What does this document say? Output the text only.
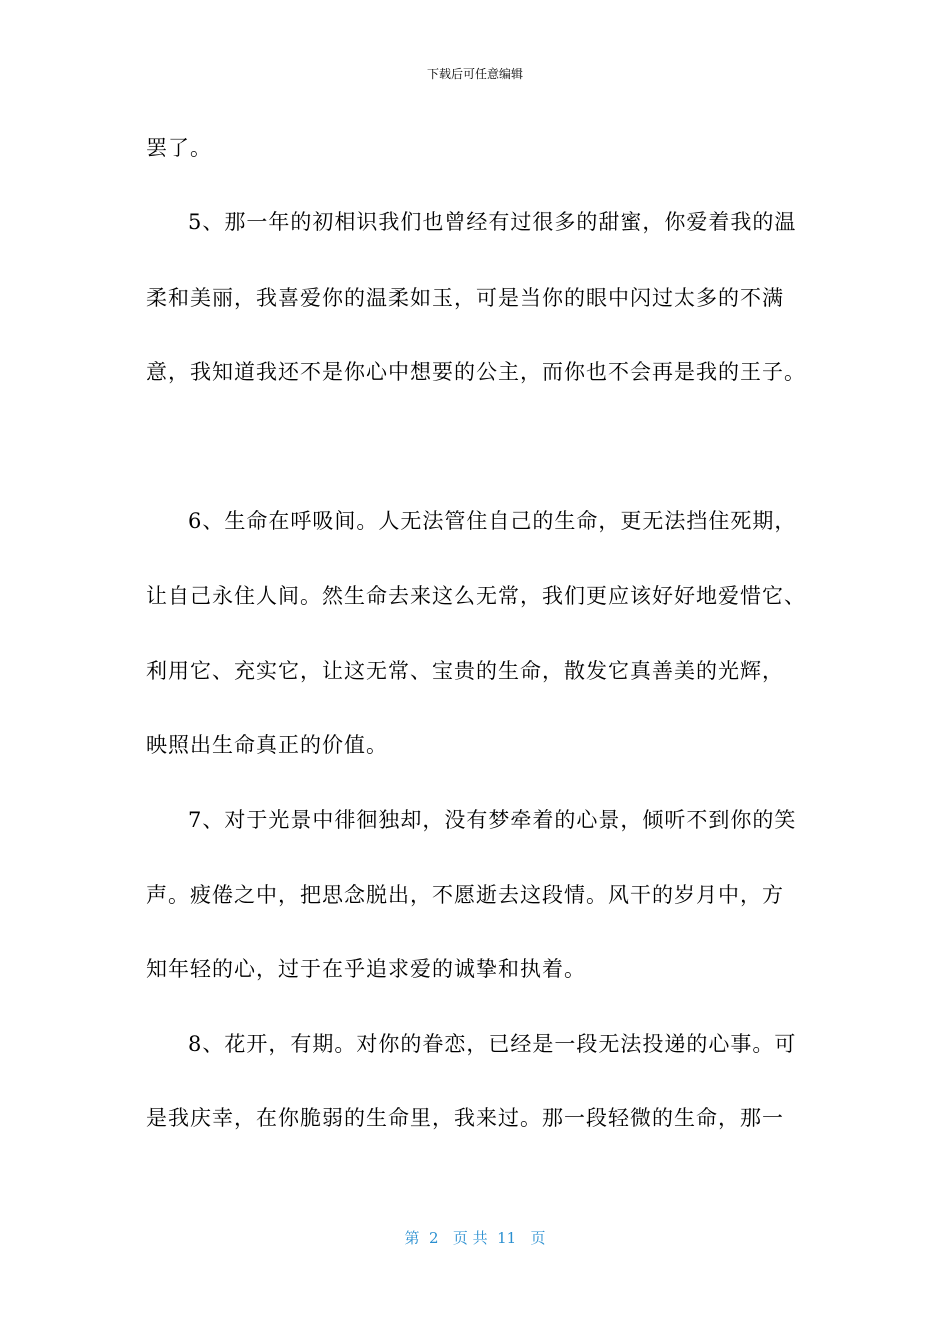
下载后可任意编辑
罢了。
5、那一年的初相识我们也曾经有过很多的甜蜜，你爱着我的温
柔和美丽，我喜爱你的温柔如玉，可是当你的眼中闪过太多的不满
意，我知道我还不是你心中想要的公主，而你也不会再是我的王子。
6、生命在呼吸间。人无法管住自己的生命，更无法挡住死期，
让自己永住人间。然生命去来这么无常，我们更应该好好地爱惜它、
利用它、充实它，让这无常、宝贵的生命，散发它真善美的光辉，
映照出生命真正的价值。
7、对于光景中徘徊独却，没有梦牵着的心景，倾听不到你的笑
声。疲倦之中，把思念脱出，不愿逝去这段情。风干的岁月中，方
知年轻的心，过于在乎追求爱的诚挚和执着。
8、花开，有期。对你的眷恋，已经是一段无法投递的心事。可
是我庆幸，在你脆弱的生命里，我来过。那一段轻微的生命，那一
第  2   页 共  11   页
